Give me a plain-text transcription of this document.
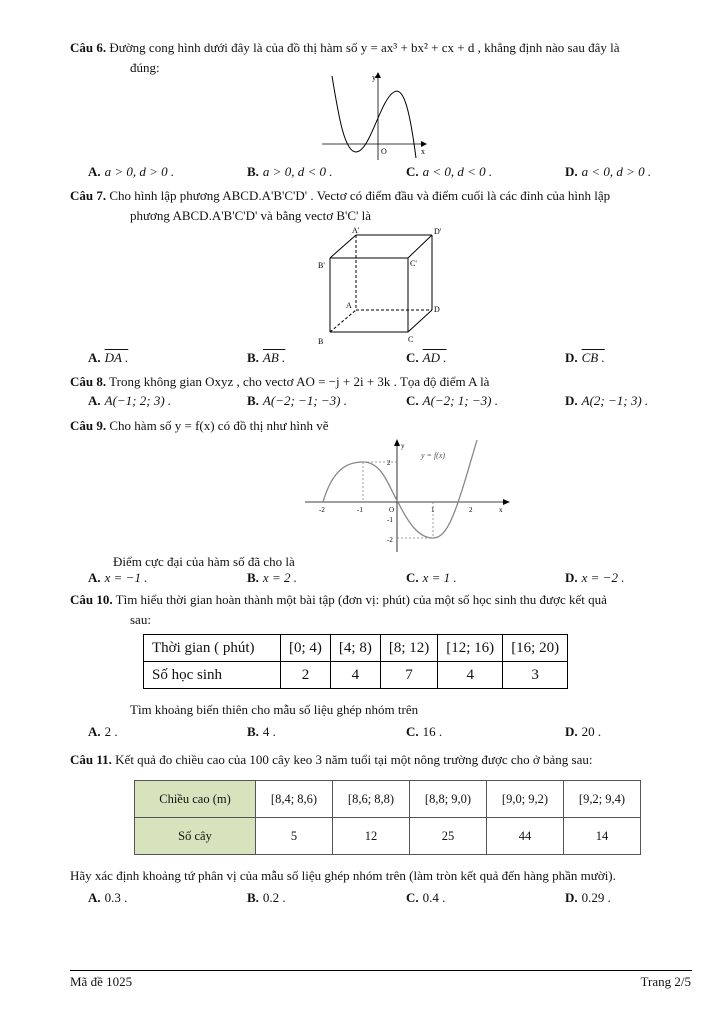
Câu 6. Đường cong hình dưới đây là của đồ thị hàm số y = ax³ + bx² + cx + d , khẳng định nào sau đây là
đúng:
y
x
O
A. a > 0, d > 0 .	B. a > 0, d < 0 .	C. a < 0, d < 0 .	D. a < 0, d > 0 .
Câu 7. Cho hình lập phương ABCD.A'B'C'D' . Vectơ có điểm đầu và điểm cuối là các đỉnh của hình lập
phương ABCD.A'B'C'D' và bằng vectơ B'C' là
A'	D'
B'	C'
A	D
B	C
A. DA .	B. AB .	C. AD .	D. CB .
Câu 8. Trong không gian Oxyz , cho vectơ AO = −j + 2i + 3k . Tọa độ điểm A là
A. A(−1; 2; 3) .	B. A(−2; −1; −3) .	C. A(−2; 1; −3) .	D. A(2; −1; 3) .
Câu 9. Cho hàm số y = f(x) có đồ thị như hình vẽ
-2	-1	1	2
2
-1
-2
y
x
O
y = f(x)
Điểm cực đại của hàm số đã cho là
A. x = −1 .	B. x = 2 .	C. x = 1 .	D. x = −2 .
Câu 10. Tìm hiểu thời gian hoàn thành một bài tập (đơn vị: phút) của một số học sinh thu được kết quả
sau:
Thời gian ( phút)	[0; 4)	[4; 8)	[8; 12)	[12; 16)	[16; 20)
Số học sinh	2	4	7	4	3
Tìm khoảng biến thiên cho mẫu số liệu ghép nhóm trên
A. 2 .	B. 4 .	C. 16 .	D. 20 .
Câu 11. Kết quả đo chiều cao của 100 cây keo 3 năm tuổi tại một nông trường được cho ở bảng sau:
Chiều cao (m)	[8,4; 8,6)	[8,6; 8,8)	[8,8; 9,0)	[9,0; 9,2)	[9,2; 9,4)
Số cây	5	12	25	44	14
Hãy xác định khoảng tứ phân vị của mẫu số liệu ghép nhóm trên (làm tròn kết quả đến hàng phần mười).
A. 0.3 .	B. 0.2 .	C. 0.4 .	D. 0.29 .
Mã đề 1025	Trang 2/5
